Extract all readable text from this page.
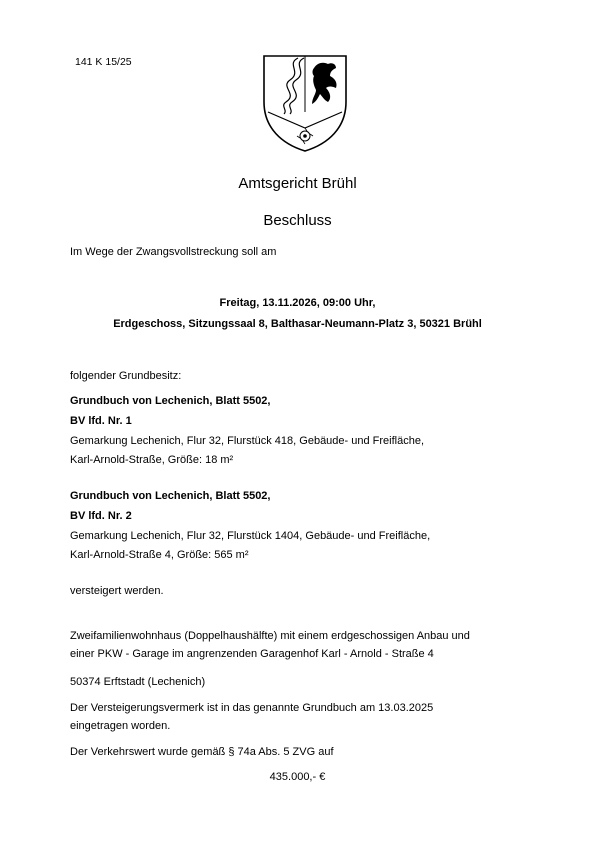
141 K 15/25
Amtsgericht Brühl
Beschluss
Im Wege der Zwangsvollstreckung soll am
Freitag, 13.11.2026, 09:00 Uhr,
Erdgeschoss, Sitzungssaal 8, Balthasar-Neumann-Platz 3, 50321 Brühl
folgender Grundbesitz:
Grundbuch von Lechenich, Blatt 5502,
BV lfd. Nr. 1
Gemarkung Lechenich, Flur 32, Flurstück 418, Gebäude- und Freifläche,
Karl-Arnold-Straße, Größe: 18 m²
Grundbuch von Lechenich, Blatt 5502,
BV lfd. Nr. 2
Gemarkung Lechenich, Flur 32, Flurstück 1404, Gebäude- und Freifläche,
Karl-Arnold-Straße 4, Größe: 565 m²
versteigert werden.
Zweifamilienwohnhaus (Doppelhaushälfte) mit einem erdgeschossigen Anbau und
einer PKW - Garage im angrenzenden Garagenhof Karl - Arnold - Straße 4
50374 Erftstadt (Lechenich)
Der Versteigerungsvermerk ist in das genannte Grundbuch am 13.03.2025
eingetragen worden.
Der Verkehrswert wurde gemäß § 74a Abs. 5 ZVG auf
435.000,- €
